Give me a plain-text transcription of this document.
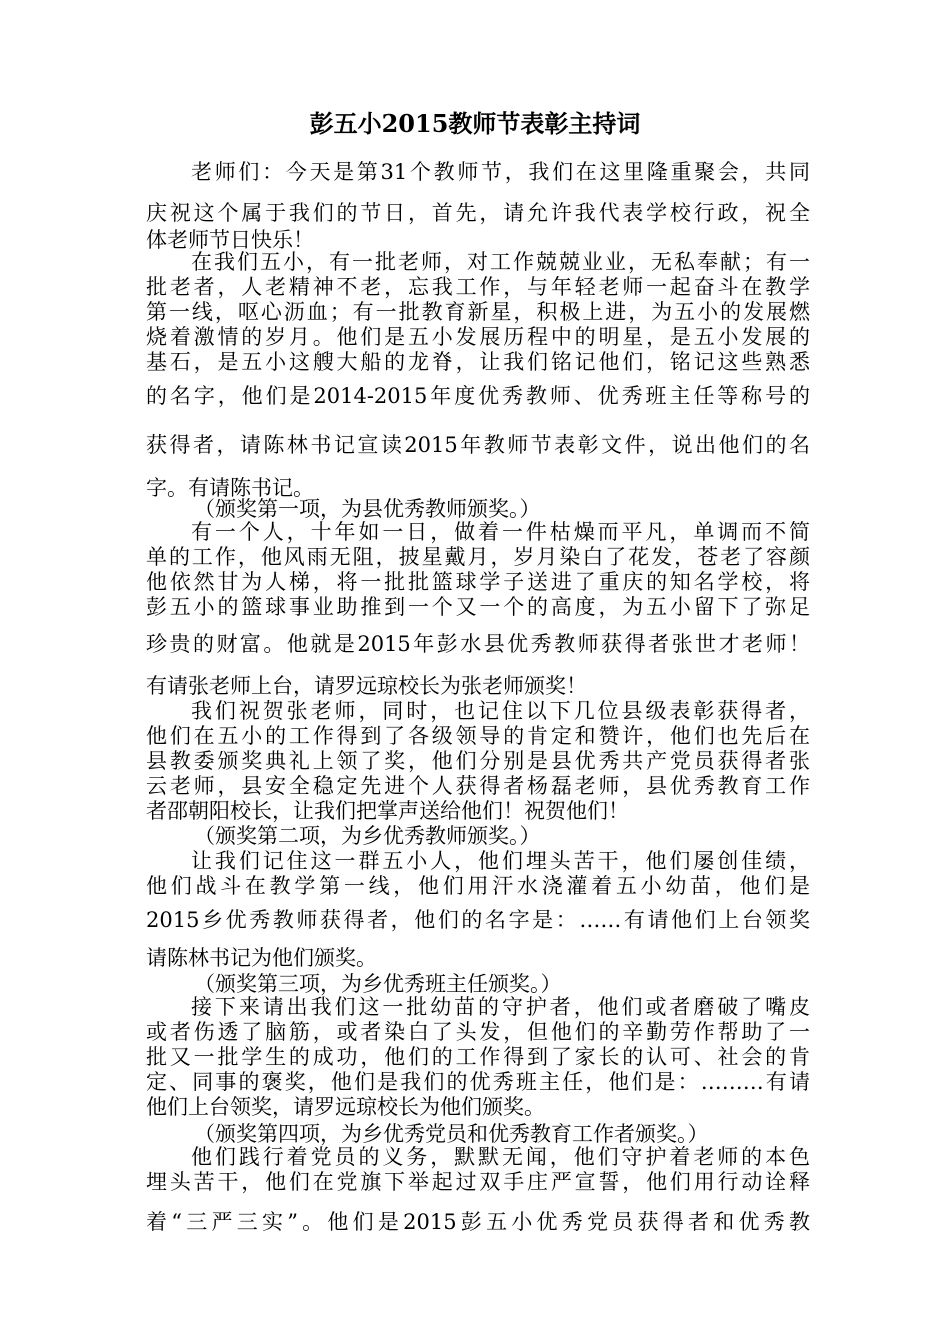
彭五小2015教师节表彰主持词
老师们：今天是第31个教师节，我们在这里隆重聚会，共同
庆祝这个属于我们的节日，首先，请允许我代表学校行政，祝全
体老师节日快乐！
在我们五小，有一批老师，对工作兢兢业业，无私奉献；有一
批老者，人老精神不老，忘我工作，与年轻老师一起奋斗在教学
第一线，呕心沥血；有一批教育新星，积极上进，为五小的发展燃
烧着激情的岁月。他们是五小发展历程中的明星，是五小发展的
基石，是五小这艘大船的龙脊，让我们铭记他们，铭记这些熟悉
的名字，他们是2014-2015年度优秀教师、优秀班主任等称号的
获得者，请陈林书记宣读2015年教师节表彰文件，说出他们的名
字。有请陈书记。
（颁奖第一项，为县优秀教师颁奖。）
有一个人，十年如一日，做着一件枯燥而平凡，单调而不简
单的工作，他风雨无阻，披星戴月，岁月染白了花发，苍老了容颜
他依然甘为人梯，将一批批篮球学子送进了重庆的知名学校，将
彭五小的篮球事业助推到一个又一个的高度，为五小留下了弥足
珍贵的财富。他就是2015年彭水县优秀教师获得者张世才老师！
有请张老师上台，请罗远琼校长为张老师颁奖！
我们祝贺张老师，同时，也记住以下几位县级表彰获得者，
他们在五小的工作得到了各级领导的肯定和赞许，他们也先后在
县教委颁奖典礼上领了奖，他们分别是县优秀共产党员获得者张
云老师，县安全稳定先进个人获得者杨磊老师，县优秀教育工作
者邵朝阳校长，让我们把掌声送给他们！祝贺他们！
（颁奖第二项，为乡优秀教师颁奖。）
让我们记住这一群五小人，他们埋头苦干，他们屡创佳绩，
他们战斗在教学第一线，他们用汗水浇灌着五小幼苗，他们是
2015乡优秀教师获得者，他们的名字是：……有请他们上台领奖
请陈林书记为他们颁奖。
（颁奖第三项，为乡优秀班主任颁奖。）
接下来请出我们这一批幼苗的守护者，他们或者磨破了嘴皮
或者伤透了脑筋，或者染白了头发，但他们的辛勤劳作帮助了一
批又一批学生的成功，他们的工作得到了家长的认可、社会的肯
定、同事的褒奖，他们是我们的优秀班主任，他们是：………有请
他们上台领奖，请罗远琼校长为他们颁奖。
（颁奖第四项，为乡优秀党员和优秀教育工作者颁奖。）
他们践行着党员的义务，默默无闻，他们守护着老师的本色
埋头苦干，他们在党旗下举起过双手庄严宣誓，他们用行动诠释
着“三严三实”。他们是2015彭五小优秀党员获得者和优秀教
